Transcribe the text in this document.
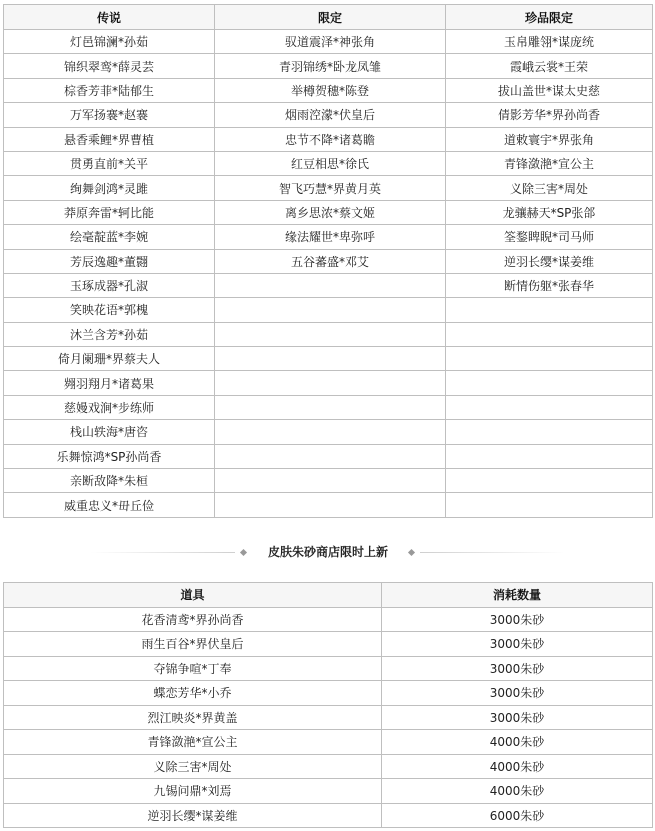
传说	限定	珍品限定
灯邑锦澜*孙茹	驭道震泽*神张角	玉帛雕翎*谋庞统
锦织翠鸾*薛灵芸	青羽锦绣*卧龙凤雏	霞峨云裳*王荣
棕香芳菲*陆郁生	举樽贺穗*陈登	拔山盖世*谋太史慈
万军扬褰*赵褰	烟雨涳濛*伏皇后	倩影芳华*界孙尚香
悬香乘鲤*界曹植	忠节不降*诸葛瞻	道敕寰宇*界张角
贯勇直前*关平	红豆相思*徐氏	青锋潋滟*宣公主
绚舞剑鸿*灵雎	智飞巧慧*界黄月英	义除三害*周处
莽原奔雷*轲比能	离乡思浓*蔡文姬	龙骧赫天*SP张郃
绘毫靛蓝*李婉	缘法耀世*卑弥呼	筌鍪睥睨*司马师
芳辰逸趣*董翾	五谷蕃盛*邓艾	逆羽长缨*谋姜维
玉琢成器*孔淑		断情伤躯*张春华
笑映花语*郭槐		
沐兰含芳*孙茹		
倚月阑珊*界蔡夫人		
翙羽翔月*诸葛果		
慈嫚戏涧*步练师		
栈山轶海*唐咨		
乐舞惊鸿*SP孙尚香		
亲断敌降*朱桓		
威重忠义*毌丘俭		
皮肤朱砂商店限时上新
道具	消耗数量
花香清鸢*界孙尚香	3000朱砂
雨生百谷*界伏皇后	3000朱砂
夺锦争喧*丁奉	3000朱砂
蝶恋芳华*小乔	3000朱砂
烈江映炎*界黄盖	3000朱砂
青锋潋滟*宣公主	4000朱砂
义除三害*周处	4000朱砂
九锡问鼎*刘焉	4000朱砂
逆羽长缨*谋姜维	6000朱砂
